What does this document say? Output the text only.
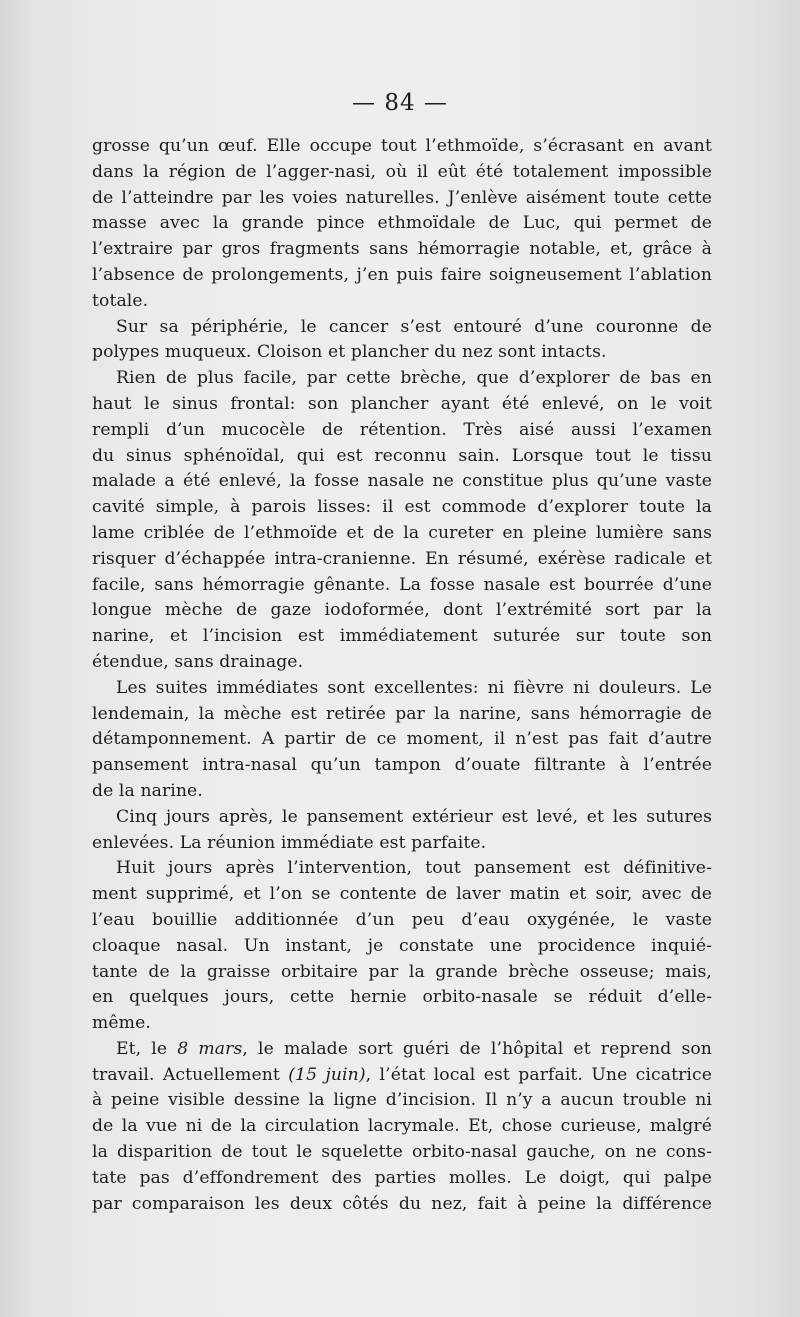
— 84 —
grosse qu’un œuf. Elle occupe tout l’ethmoïde, s’écrasant en avant
dans la région de l’agger-nasi, où il eût été totalement impossible
de l’atteindre par les voies naturelles. J’enlève aisément toute cette
masse avec la grande pince ethmoïdale de Luc, qui permet de
l’extraire par gros fragments sans hémorragie notable, et, grâce à
l’absence de prolongements, j’en puis faire soigneusement l’ablation
totale.
Sur sa périphérie, le cancer s’est entouré d’une couronne de
polypes muqueux. Cloison et plancher du nez sont intacts.
Rien de plus facile, par cette brèche, que d’explorer de bas en
haut le sinus frontal: son plancher ayant été enlevé, on le voit
rempli d’un mucocèle de rétention. Très aisé aussi l’examen
du sinus sphénoïdal, qui est reconnu sain. Lorsque tout le tissu
malade a été enlevé, la fosse nasale ne constitue plus qu’une vaste
cavité simple, à parois lisses: il est commode d’explorer toute la
lame criblée de l’ethmoïde et de la cureter en pleine lumière sans
risquer d’échappée intra-cranienne. En résumé, exérèse radicale et
facile, sans hémorragie gênante. La fosse nasale est bourrée d’une
longue mèche de gaze iodoformée, dont l’extrémité sort par la
narine, et l’incision est immédiatement suturée sur toute son
étendue, sans drainage.
Les suites immédiates sont excellentes: ni fièvre ni douleurs. Le
lendemain, la mèche est retirée par la narine, sans hémorragie de
détamponnement. A partir de ce moment, il n’est pas fait d’autre
pansement intra-nasal qu’un tampon d’ouate filtrante à l’entrée
de la narine.
Cinq jours après, le pansement extérieur est levé, et les sutures
enlevées. La réunion immédiate est parfaite.
Huit jours après l’intervention, tout pansement est définitive-
ment supprimé, et l’on se contente de laver matin et soir, avec de
l’eau bouillie additionnée d’un peu d’eau oxygénée, le vaste
cloaque nasal. Un instant, je constate une procidence inquié-
tante de la graisse orbitaire par la grande brèche osseuse; mais,
en quelques jours, cette hernie orbito-nasale se réduit d’elle-
même.
Et, le 8 mars, le malade sort guéri de l’hôpital et reprend son
travail. Actuellement (15 juin), l’état local est parfait. Une cicatrice
à peine visible dessine la ligne d’incision. Il n’y a aucun trouble ni
de la vue ni de la circulation lacrymale. Et, chose curieuse, malgré
la disparition de tout le squelette orbito-nasal gauche, on ne cons-
tate pas d’effondrement des parties molles. Le doigt, qui palpe
par comparaison les deux côtés du nez, fait à peine la différence
